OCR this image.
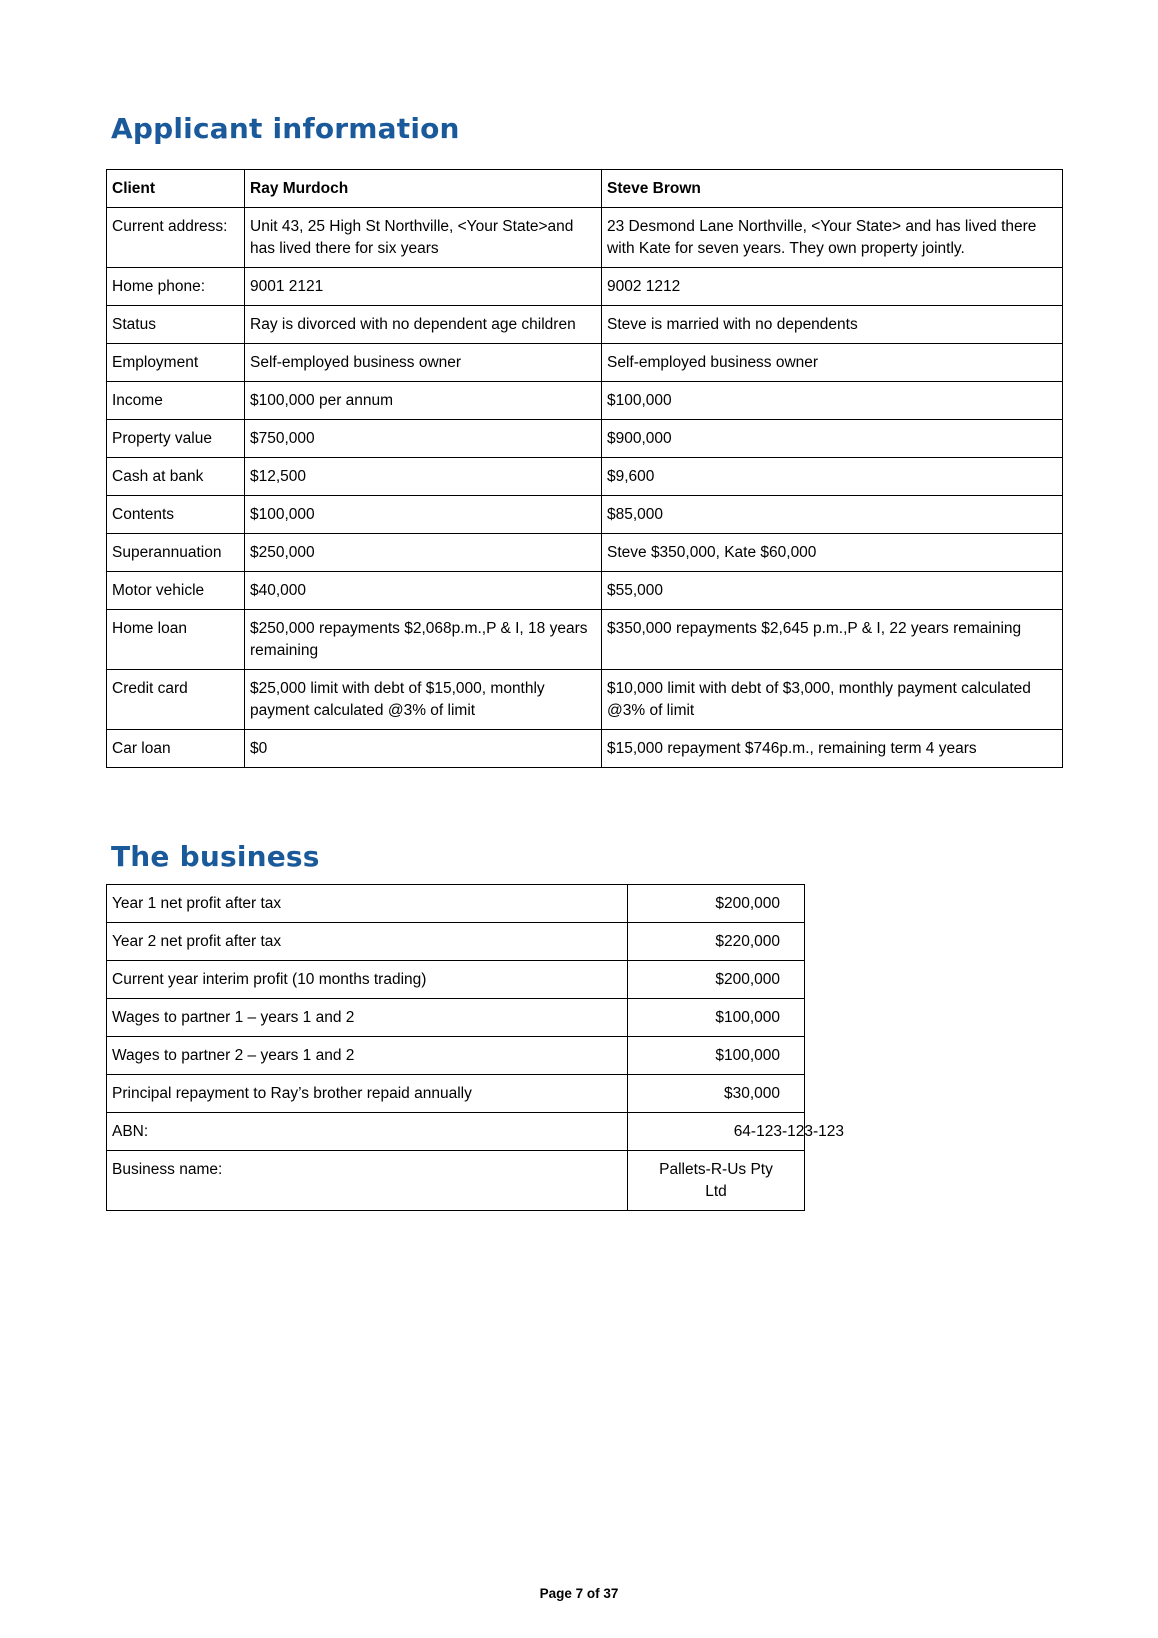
Applicant information
Client	Ray Murdoch	Steve Brown
Current address:	Unit 43, 25 High St Northville, <Your State>and has lived there for six years	23 Desmond Lane Northville, <Your State> and has lived there with Kate for seven years. They own property jointly.
Home phone:	9001 2121	9002 1212
Status	Ray is divorced with no dependent age children	Steve is married with no dependents
Employment	Self-employed business owner	Self-employed business owner
Income	$100,000 per annum	$100,000
Property value	$750,000	$900,000
Cash at bank	$12,500	$9,600
Contents	$100,000	$85,000
Superannuation	$250,000	Steve $350,000, Kate $60,000
Motor vehicle	$40,000	$55,000
Home loan	$250,000 repayments $2,068p.m.,P & I, 18 years remaining	$350,000 repayments $2,645 p.m.,P & I, 22 years remaining
Credit card	$25,000 limit with debt of $15,000, monthly payment calculated @3% of limit	$10,000 limit with debt of $3,000, monthly payment calculated @3% of limit
Car loan	$0	$15,000 repayment $746p.m., remaining term 4 years
The business
Year 1 net profit after tax	$200,000
Year 2 net profit after tax	$220,000
Current year interim profit (10 months trading)	$200,000
Wages to partner 1 – years 1 and 2	$100,000
Wages to partner 2 – years 1 and 2	$100,000
Principal repayment to Ray’s brother repaid annually	$30,000
ABN:	64-123-123-123
Business name:	Pallets-R-Us Pty Ltd
Page 7 of 37
